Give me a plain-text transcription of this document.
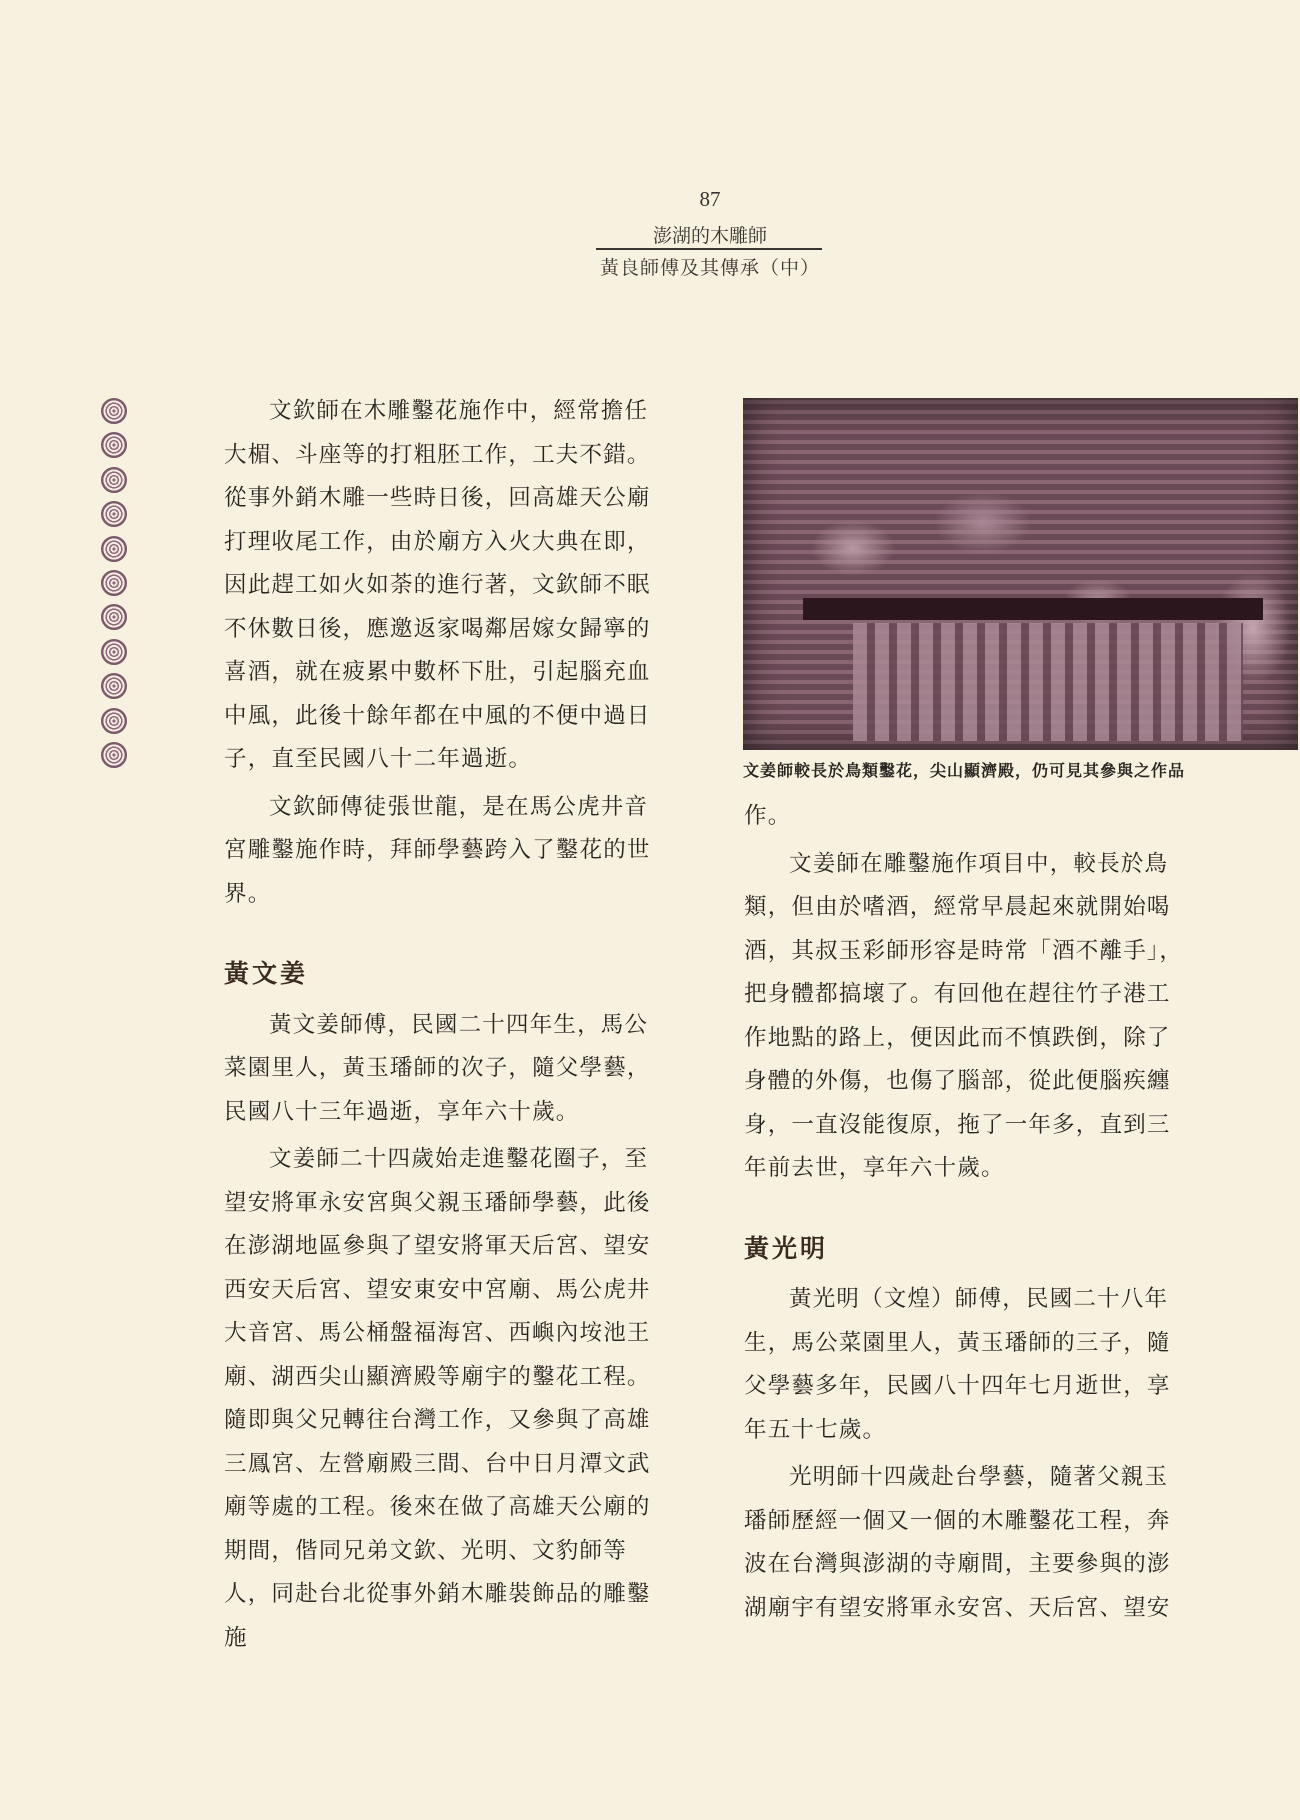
87
澎湖的木雕師
黃良師傅及其傳承（中）

文欽師在木雕鑿花施作中，經常擔任大楣、斗座等的打粗胚工作，工夫不錯。從事外銷木雕一些時日後，回高雄天公廟打理收尾工作，由於廟方入火大典在即，因此趕工如火如荼的進行著，文欽師不眠不休數日後，應邀返家喝鄰居嫁女歸寧的喜酒，就在疲累中數杯下肚，引起腦充血中風，此後十餘年都在中風的不便中過日子，直至民國八十二年過逝。

文欽師傳徒張世龍，是在馬公虎井音宮雕鑿施作時，拜師學藝跨入了鑿花的世界。

黃文姜

黃文姜師傅，民國二十四年生，馬公菜園里人，黃玉璠師的次子，隨父學藝，民國八十三年過逝，享年六十歲。

文姜師二十四歲始走進鑿花圈子，至望安將軍永安宮與父親玉璠師學藝，此後在澎湖地區參與了望安將軍天后宮、望安西安天后宮、望安東安中宮廟、馬公虎井大音宮、馬公桶盤福海宮、西嶼內垵池王廟、湖西尖山顯濟殿等廟宇的鑿花工程。隨即與父兄轉往台灣工作，又參與了高雄三鳳宮、左營廟殿三間、台中日月潭文武廟等處的工程。後來在做了高雄天公廟的期間，偕同兄弟文欽、光明、文豹師等人，同赴台北從事外銷木雕裝飾品的雕鑿施

文姜師較長於鳥類鑿花，尖山顯濟殿，仍可見其參與之作品

作。

文姜師在雕鑿施作項目中，較長於鳥類，但由於嗜酒，經常早晨起來就開始喝酒，其叔玉彩師形容是時常「酒不離手」，把身體都搞壞了。有回他在趕往竹子港工作地點的路上，便因此而不慎跌倒，除了身體的外傷，也傷了腦部，從此便腦疾纏身，一直沒能復原，拖了一年多，直到三年前去世，享年六十歲。

黃光明

黃光明（文煌）師傅，民國二十八年生，馬公菜園里人，黃玉璠師的三子，隨父學藝多年，民國八十四年七月逝世，享年五十七歲。

光明師十四歲赴台學藝，隨著父親玉璠師歷經一個又一個的木雕鑿花工程，奔波在台灣與澎湖的寺廟間，主要參與的澎湖廟宇有望安將軍永安宮、天后宮、望安
